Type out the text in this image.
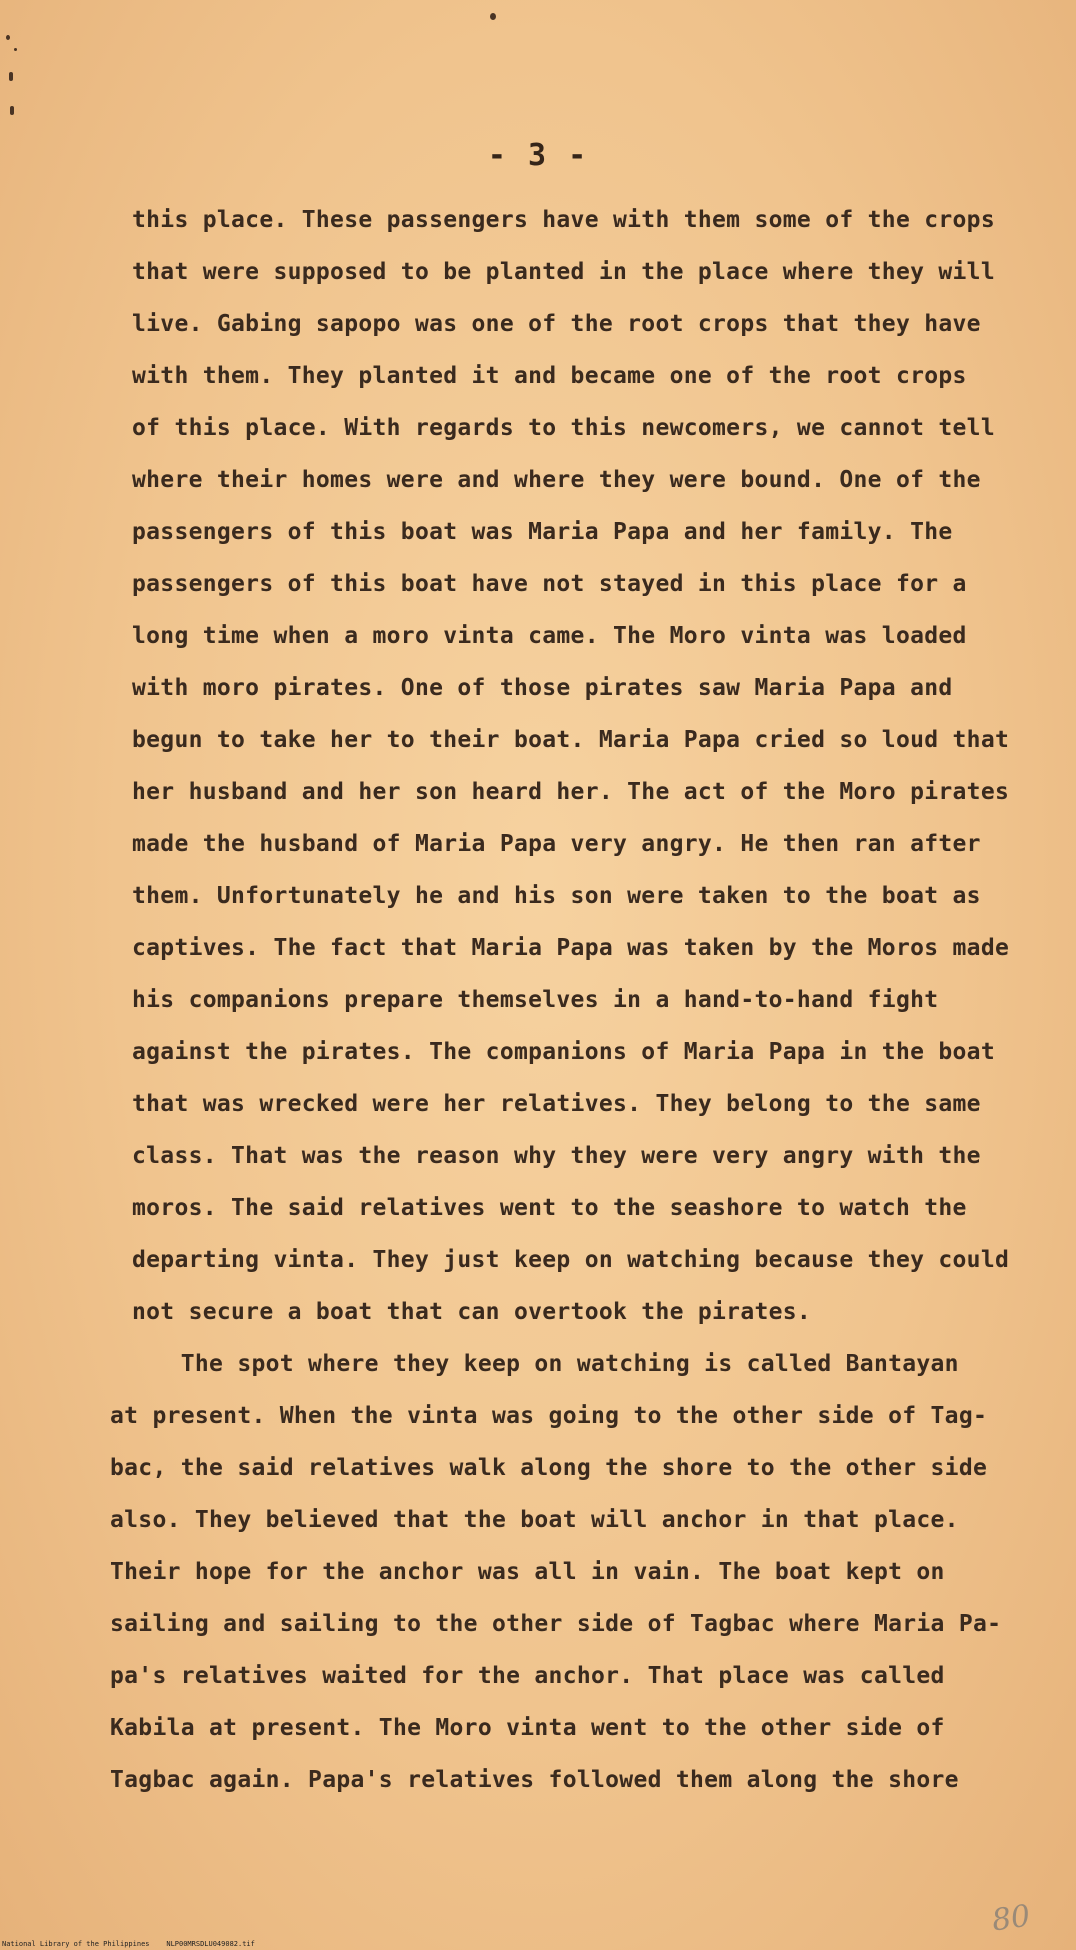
- 3 -
this place. These passengers have with them some of the crops
that were supposed to be planted in the place where they will
live. Gabing sapopo was one of the root crops that they have
with them. They planted it and became one of the root crops
of this place. With regards to this newcomers, we cannot tell
where their homes were and where they were bound. One of the
passengers of this boat was Maria Papa and her family. The
passengers of this boat have not stayed in this place for a
long time when a moro vinta came. The Moro vinta was loaded
with moro pirates. One of those pirates saw Maria Papa and
begun to take her to their boat. Maria Papa cried so loud that
her husband and her son heard her. The act of the Moro pirates
made the husband of Maria Papa very angry. He then ran after
them. Unfortunately he and his son were taken to the boat as
captives. The fact that Maria Papa was taken by the Moros made
his companions prepare themselves in a hand-to-hand fight
against the pirates. The companions of Maria Papa in the boat
that was wrecked were her relatives. They belong to the same
class. That was the reason why they were very angry with the
moros. The said relatives went to the seashore to watch the
departing vinta. They just keep on watching because they could
not secure a boat that can overtook the pirates.
The spot where they keep on watching is called Bantayan
at present. When the vinta was going to the other side of Tag-
bac, the said relatives walk along the shore to the other side
also. They believed that the boat will anchor in that place.
Their hope for the anchor was all in vain. The boat kept on
sailing and sailing to the other side of Tagbac where Maria Pa-
pa's relatives waited for the anchor. That place was called
Kabila at present. The Moro vinta went to the other side of
Tagbac again. Papa's relatives followed them along the shore
80
National Library of the Philippines    NLP00MRSDLU049082.tif
